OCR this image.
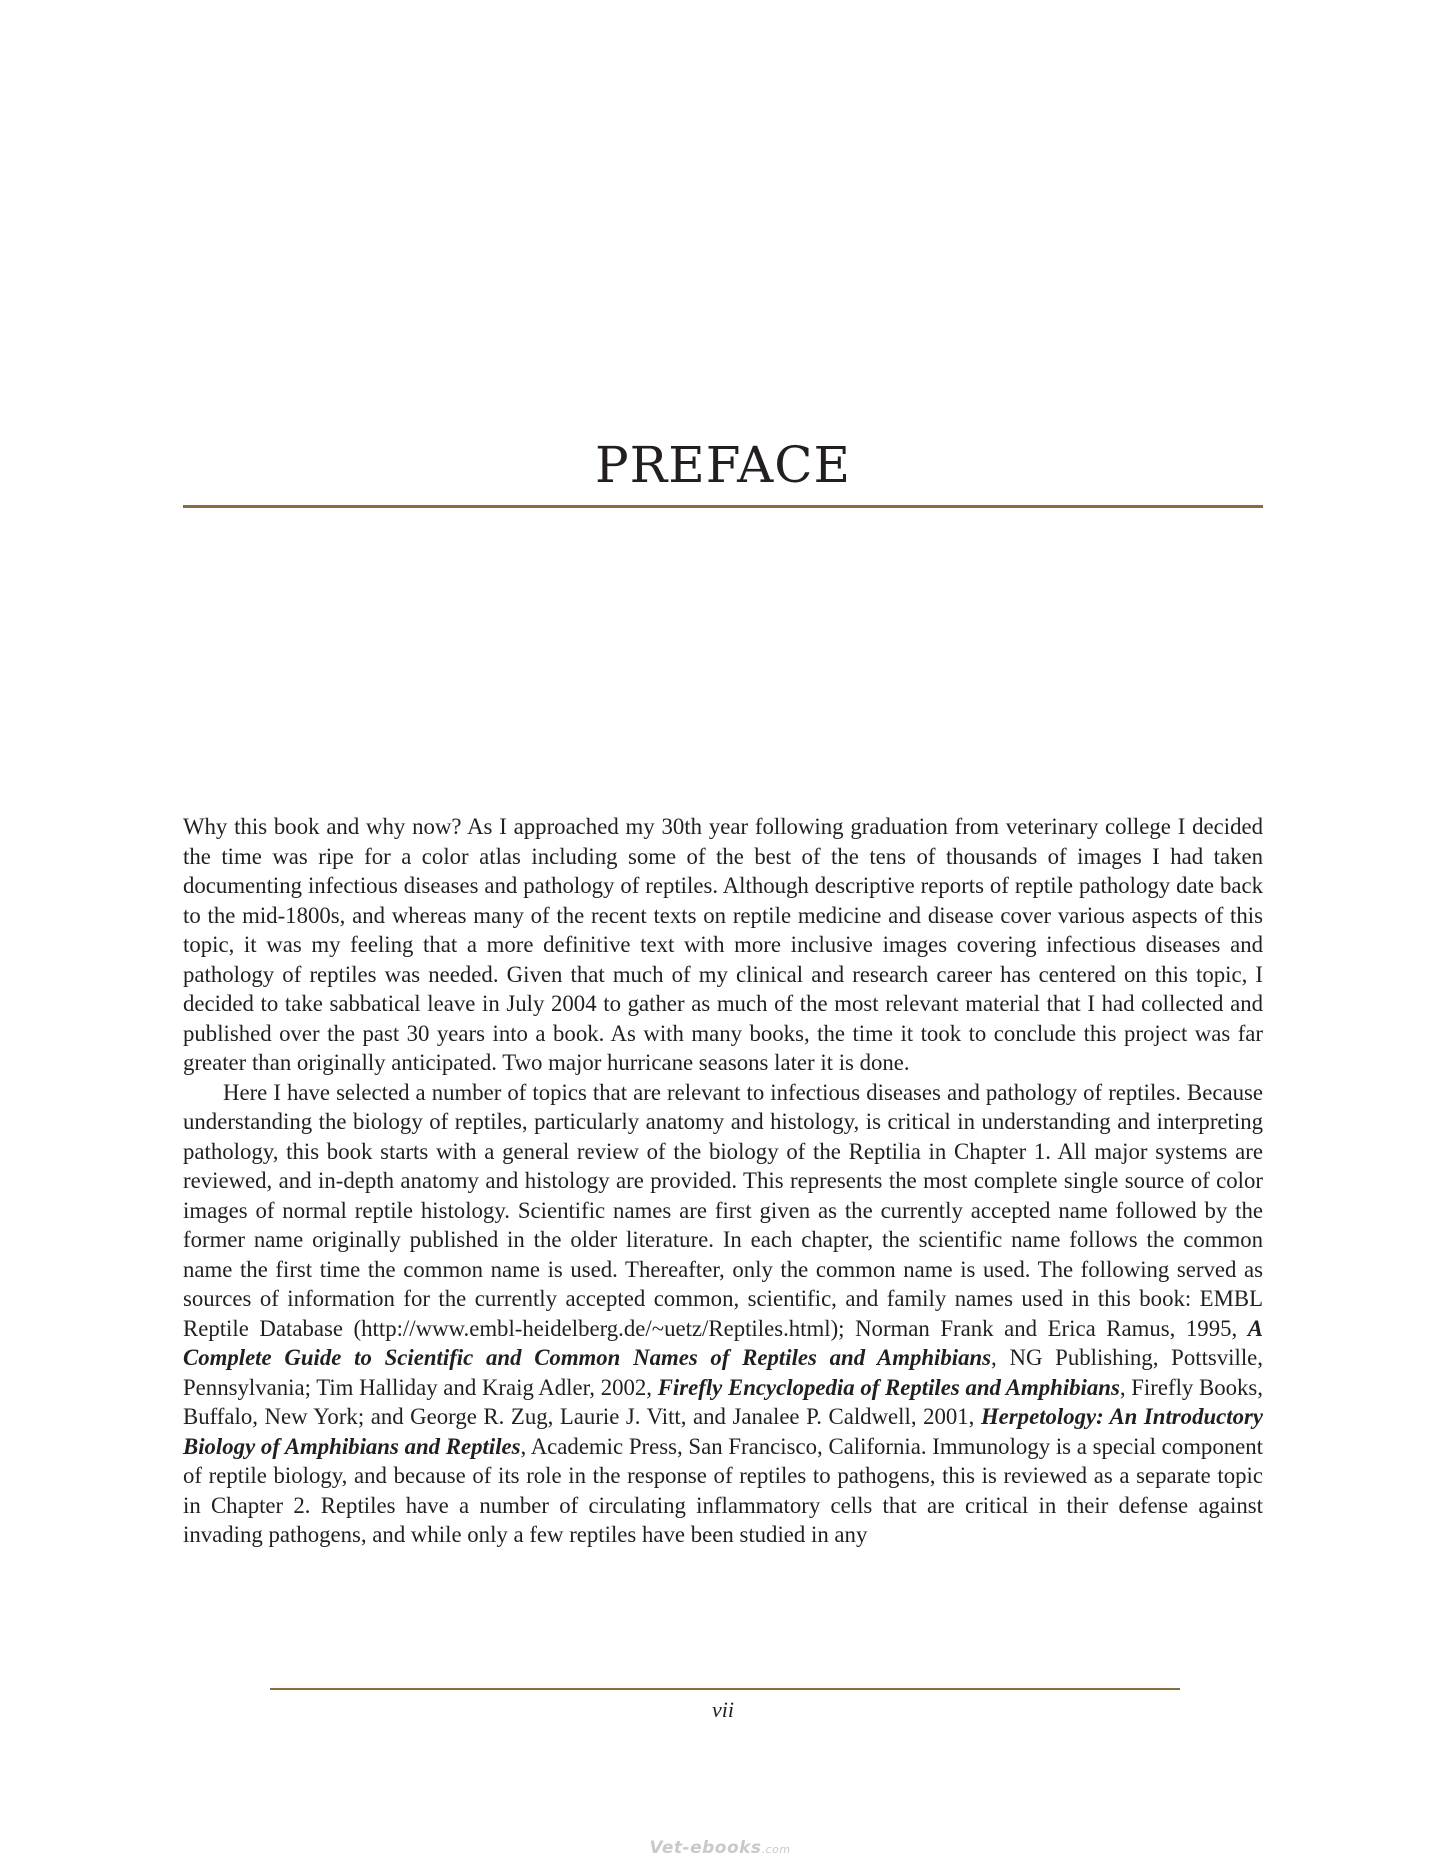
PREFACE

Why this book and why now? As I approached my 30th year following graduation from veterinary college I decided the time was ripe for a color atlas including some of the best of the tens of thousands of images I had taken documenting infectious diseases and pathology of reptiles. Although descriptive reports of reptile pathology date back to the mid-1800s, and whereas many of the recent texts on reptile medicine and disease cover various aspects of this topic, it was my feeling that a more definitive text with more inclusive images covering infectious diseases and pathology of reptiles was needed. Given that much of my clinical and research career has centered on this topic, I decided to take sabbatical leave in July 2004 to gather as much of the most relevant material that I had collected and published over the past 30 years into a book. As with many books, the time it took to conclude this project was far greater than originally anticipated. Two major hurricane seasons later it is done.

Here I have selected a number of topics that are relevant to infectious diseases and pathology of reptiles. Because understanding the biology of reptiles, particularly anatomy and histology, is critical in understanding and interpreting pathology, this book starts with a general review of the biology of the Reptilia in Chapter 1. All major systems are reviewed, and in-depth anatomy and histology are provided. This represents the most complete single source of color images of normal reptile histology. Scientific names are first given as the currently accepted name followed by the former name originally published in the older literature. In each chapter, the scientific name follows the common name the first time the common name is used. Thereafter, only the common name is used. The following served as sources of information for the currently accepted common, scientific, and family names used in this book: EMBL Reptile Database (http://www.embl-heidelberg.de/~uetz/Reptiles.html); Norman Frank and Erica Ramus, 1995, A Complete Guide to Scientific and Common Names of Reptiles and Amphibians, NG Publishing, Pottsville, Pennsylvania; Tim Halliday and Kraig Adler, 2002, Firefly Encyclopedia of Reptiles and Amphibians, Firefly Books, Buffalo, New York; and George R. Zug, Laurie J. Vitt, and Janalee P. Caldwell, 2001, Herpetology: An Introductory Biology of Amphibians and Reptiles, Academic Press, San Francisco, California. Immunology is a special component of reptile biology, and because of its role in the response of reptiles to pathogens, this is reviewed as a separate topic in Chapter 2. Reptiles have a number of circulating inflammatory cells that are critical in their defense against invading pathogens, and while only a few reptiles have been studied in any

vii
Vet-ebooks.com
